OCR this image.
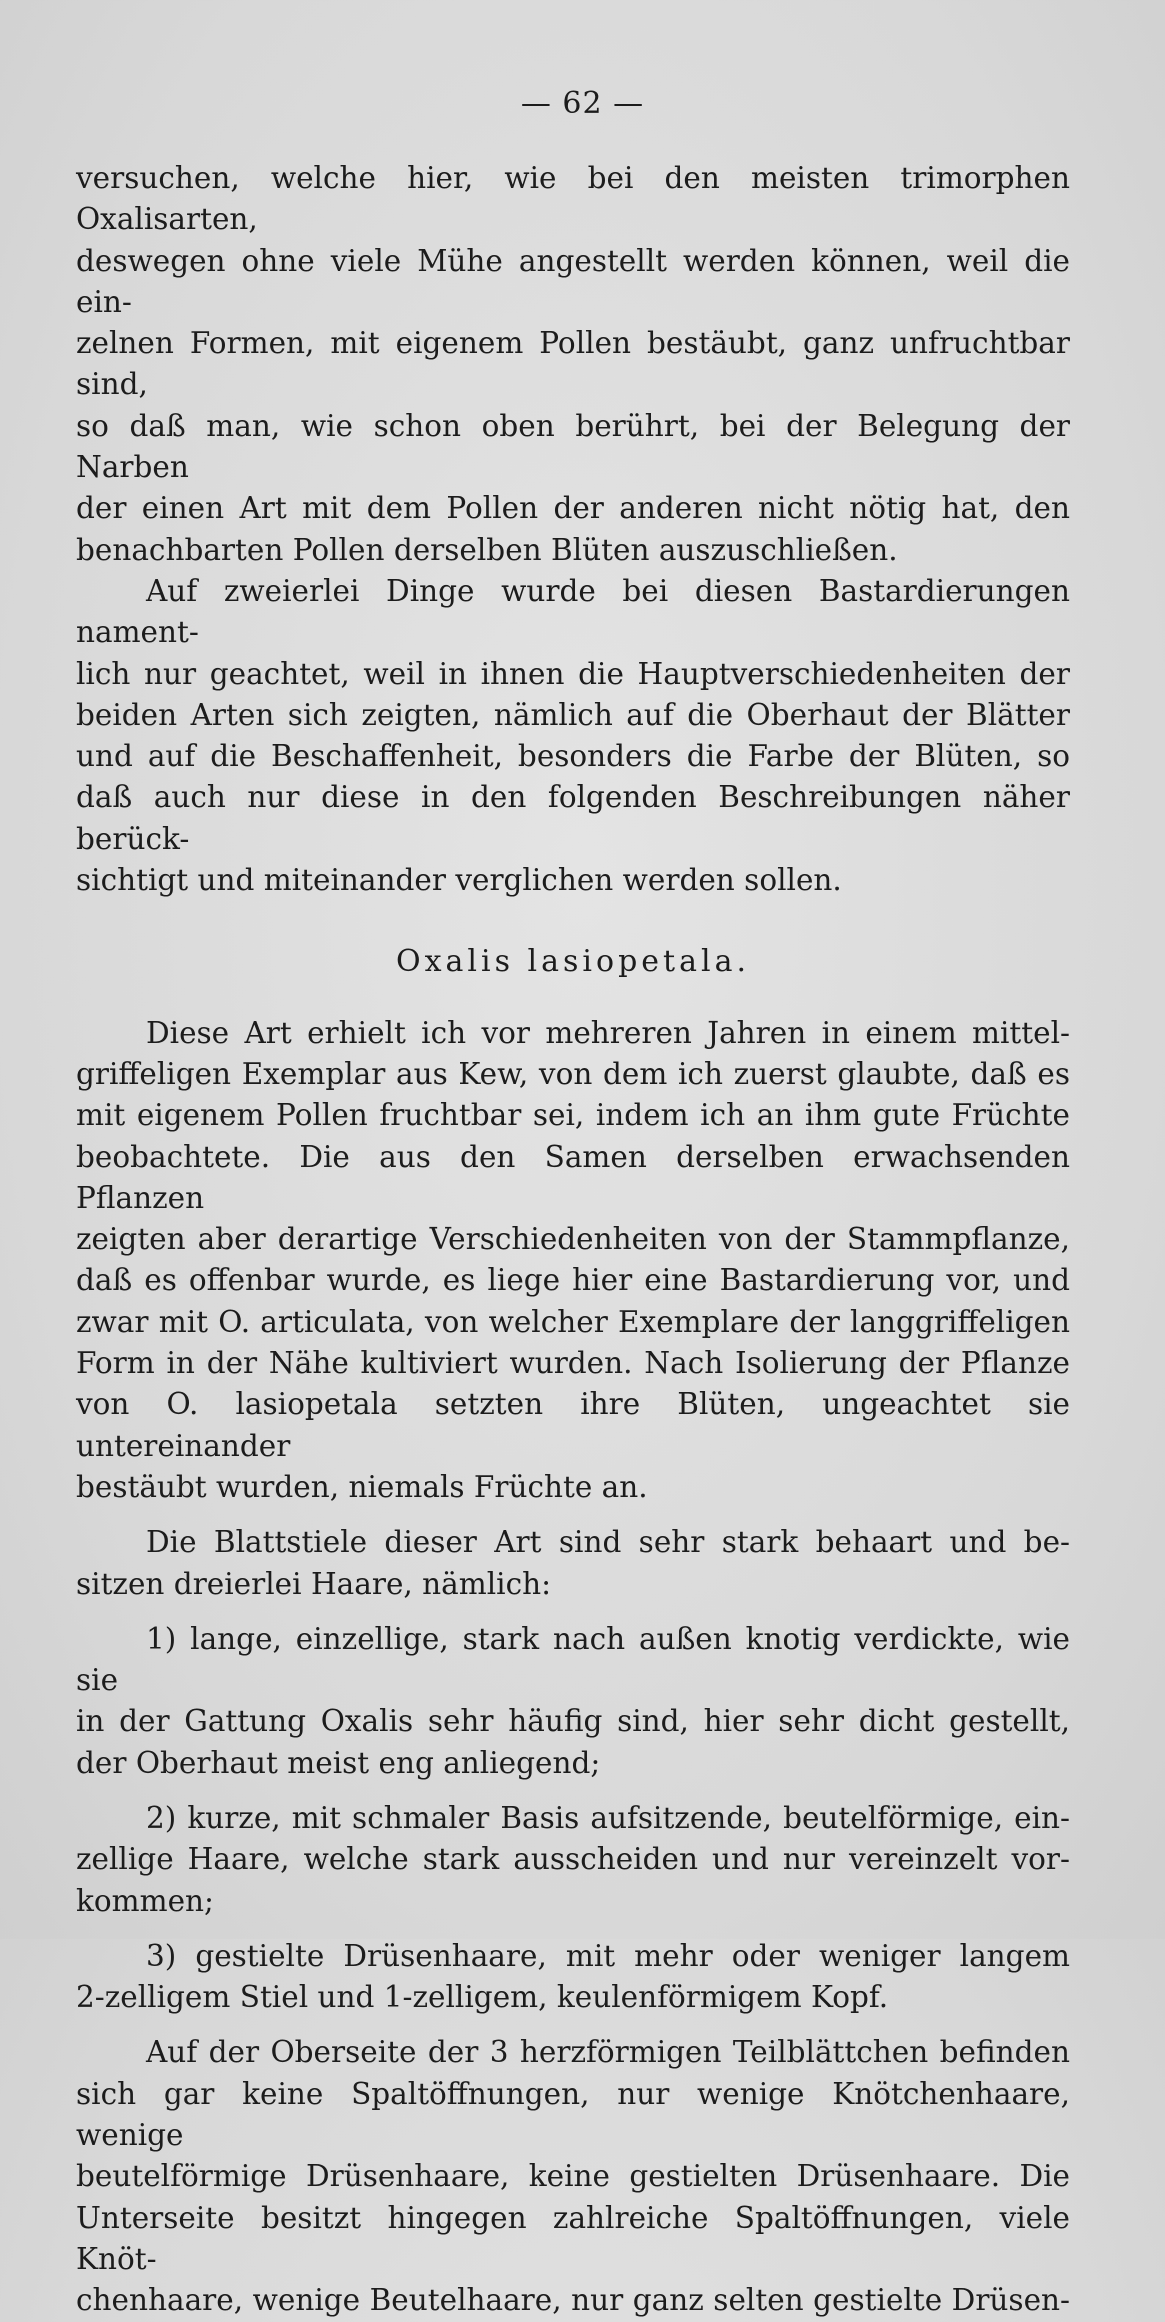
— 62 —

versuchen, welche hier, wie bei den meisten trimorphen Oxalisarten,
deswegen ohne viele Mühe angestellt werden können, weil die ein-
zelnen Formen, mit eigenem Pollen bestäubt, ganz unfruchtbar sind,
so daß man, wie schon oben berührt, bei der Belegung der Narben
der einen Art mit dem Pollen der anderen nicht nötig hat, den
benachbarten Pollen derselben Blüten auszuschließen.

Auf zweierlei Dinge wurde bei diesen Bastardierungen nament-
lich nur geachtet, weil in ihnen die Hauptverschiedenheiten der
beiden Arten sich zeigten, nämlich auf die Oberhaut der Blätter
und auf die Beschaffenheit, besonders die Farbe der Blüten, so
daß auch nur diese in den folgenden Beschreibungen näher berück-
sichtigt und miteinander verglichen werden sollen.

Oxalis lasiopetala.

Diese Art erhielt ich vor mehreren Jahren in einem mittel-
griffeligen Exemplar aus Kew, von dem ich zuerst glaubte, daß es
mit eigenem Pollen fruchtbar sei, indem ich an ihm gute Früchte
beobachtete. Die aus den Samen derselben erwachsenden Pflanzen
zeigten aber derartige Verschiedenheiten von der Stammpflanze,
daß es offenbar wurde, es liege hier eine Bastardierung vor, und
zwar mit O. articulata, von welcher Exemplare der langgriffeligen
Form in der Nähe kultiviert wurden. Nach Isolierung der Pflanze
von O. lasiopetala setzten ihre Blüten, ungeachtet sie untereinander
bestäubt wurden, niemals Früchte an.

Die Blattstiele dieser Art sind sehr stark behaart und be-
sitzen dreierlei Haare, nämlich:

1) lange, einzellige, stark nach außen knotig verdickte, wie sie
in der Gattung Oxalis sehr häufig sind, hier sehr dicht gestellt,
der Oberhaut meist eng anliegend;

2) kurze, mit schmaler Basis aufsitzende, beutelförmige, ein-
zellige Haare, welche stark ausscheiden und nur vereinzelt vor-
kommen;

3) gestielte Drüsenhaare, mit mehr oder weniger langem
2-zelligem Stiel und 1-zelligem, keulenförmigem Kopf.

Auf der Oberseite der 3 herzförmigen Teilblättchen befinden
sich gar keine Spaltöffnungen, nur wenige Knötchenhaare, wenige
beutelförmige Drüsenhaare, keine gestielten Drüsenhaare. Die
Unterseite besitzt hingegen zahlreiche Spaltöffnungen, viele Knöt-
chenhaare, wenige Beutelhaare, nur ganz selten gestielte Drüsen-
